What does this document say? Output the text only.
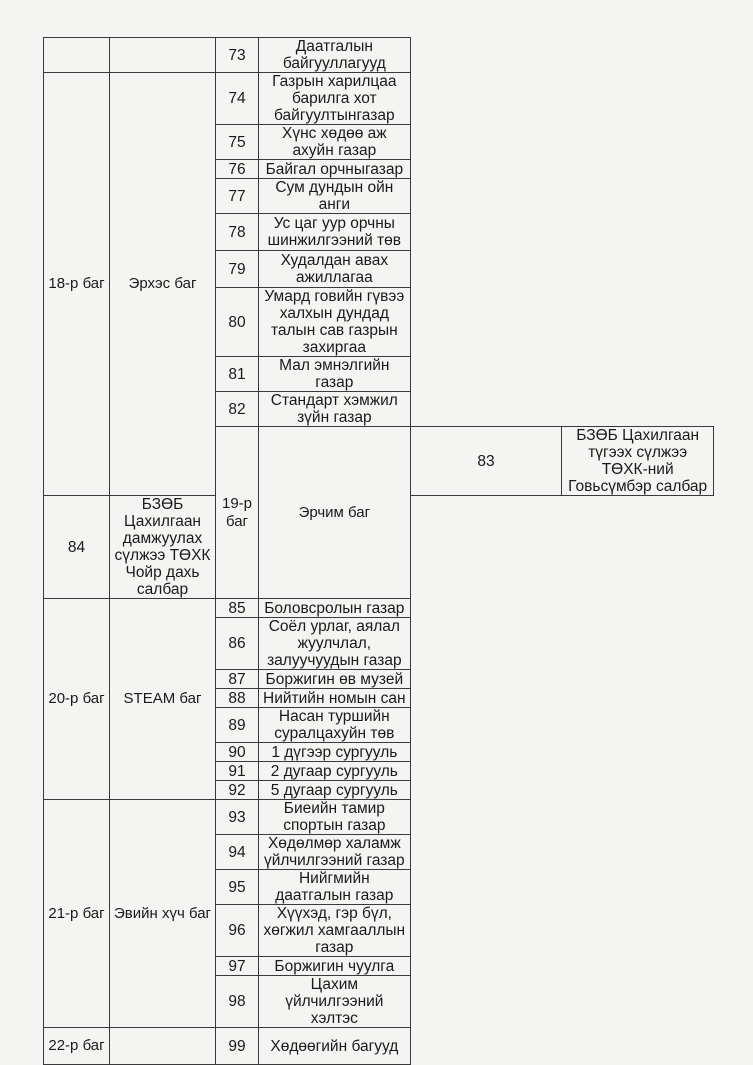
		73	Даатгалын байгууллагууд		
18-р баг	Эрхэс баг	74	Газрын харилцаа барилга хот байгуултынгазар		
		75	Хүнс хөдөө аж ахуйн газар		
		76	Байгал орчныгазар		
		77	Сум дундын ойн анги		
		78	Ус цаг уур орчны шинжилгээний төв		
		79	Худалдан авах ажиллагаа		
		80	Умард говийн гүвээ халхын дундад талын сав газрын захиргаа		
		81	Мал эмнэлгийн газар		
		82	Стандарт хэмжил зүйн газар		
		19-р баг	Эрчим баг	83	БЗӨБ Цахилгаан түгээх сүлжээ ТӨХК-ний Говьсүмбэр салбар
84	БЗӨБ Цахилгаан дамжуулах сүлжээ ТӨХК Чойр дахь салбар				
20-р баг	STEAM баг	85	Боловсролын газар		
		86	Соёл урлаг, аялал жуулчлал, залуучуудын газар		
		87	Боржигин өв музей		
		88	Нийтийн номын сан		
		89	Насан туршийн суралцахуйн төв		
		90	1 дүгээр сургууль		
		91	2 дугаар сургууль		
		92	5 дугаар сургууль		
21-р баг	Эвийн хүч баг	93	Биеийн тамир спортын газар		
		94	Хөдөлмөр халамж үйлчилгээний газар		
		95	Нийгмийн даатгалын газар		
		96	Хүүхэд, гэр бүл, хөгжил хамгааллын газар		
		97	Боржигин чуулга		
		98	Цахим үйлчилгээний хэлтэс		
22-р баг		99	Хөдөөгийн багууд		
